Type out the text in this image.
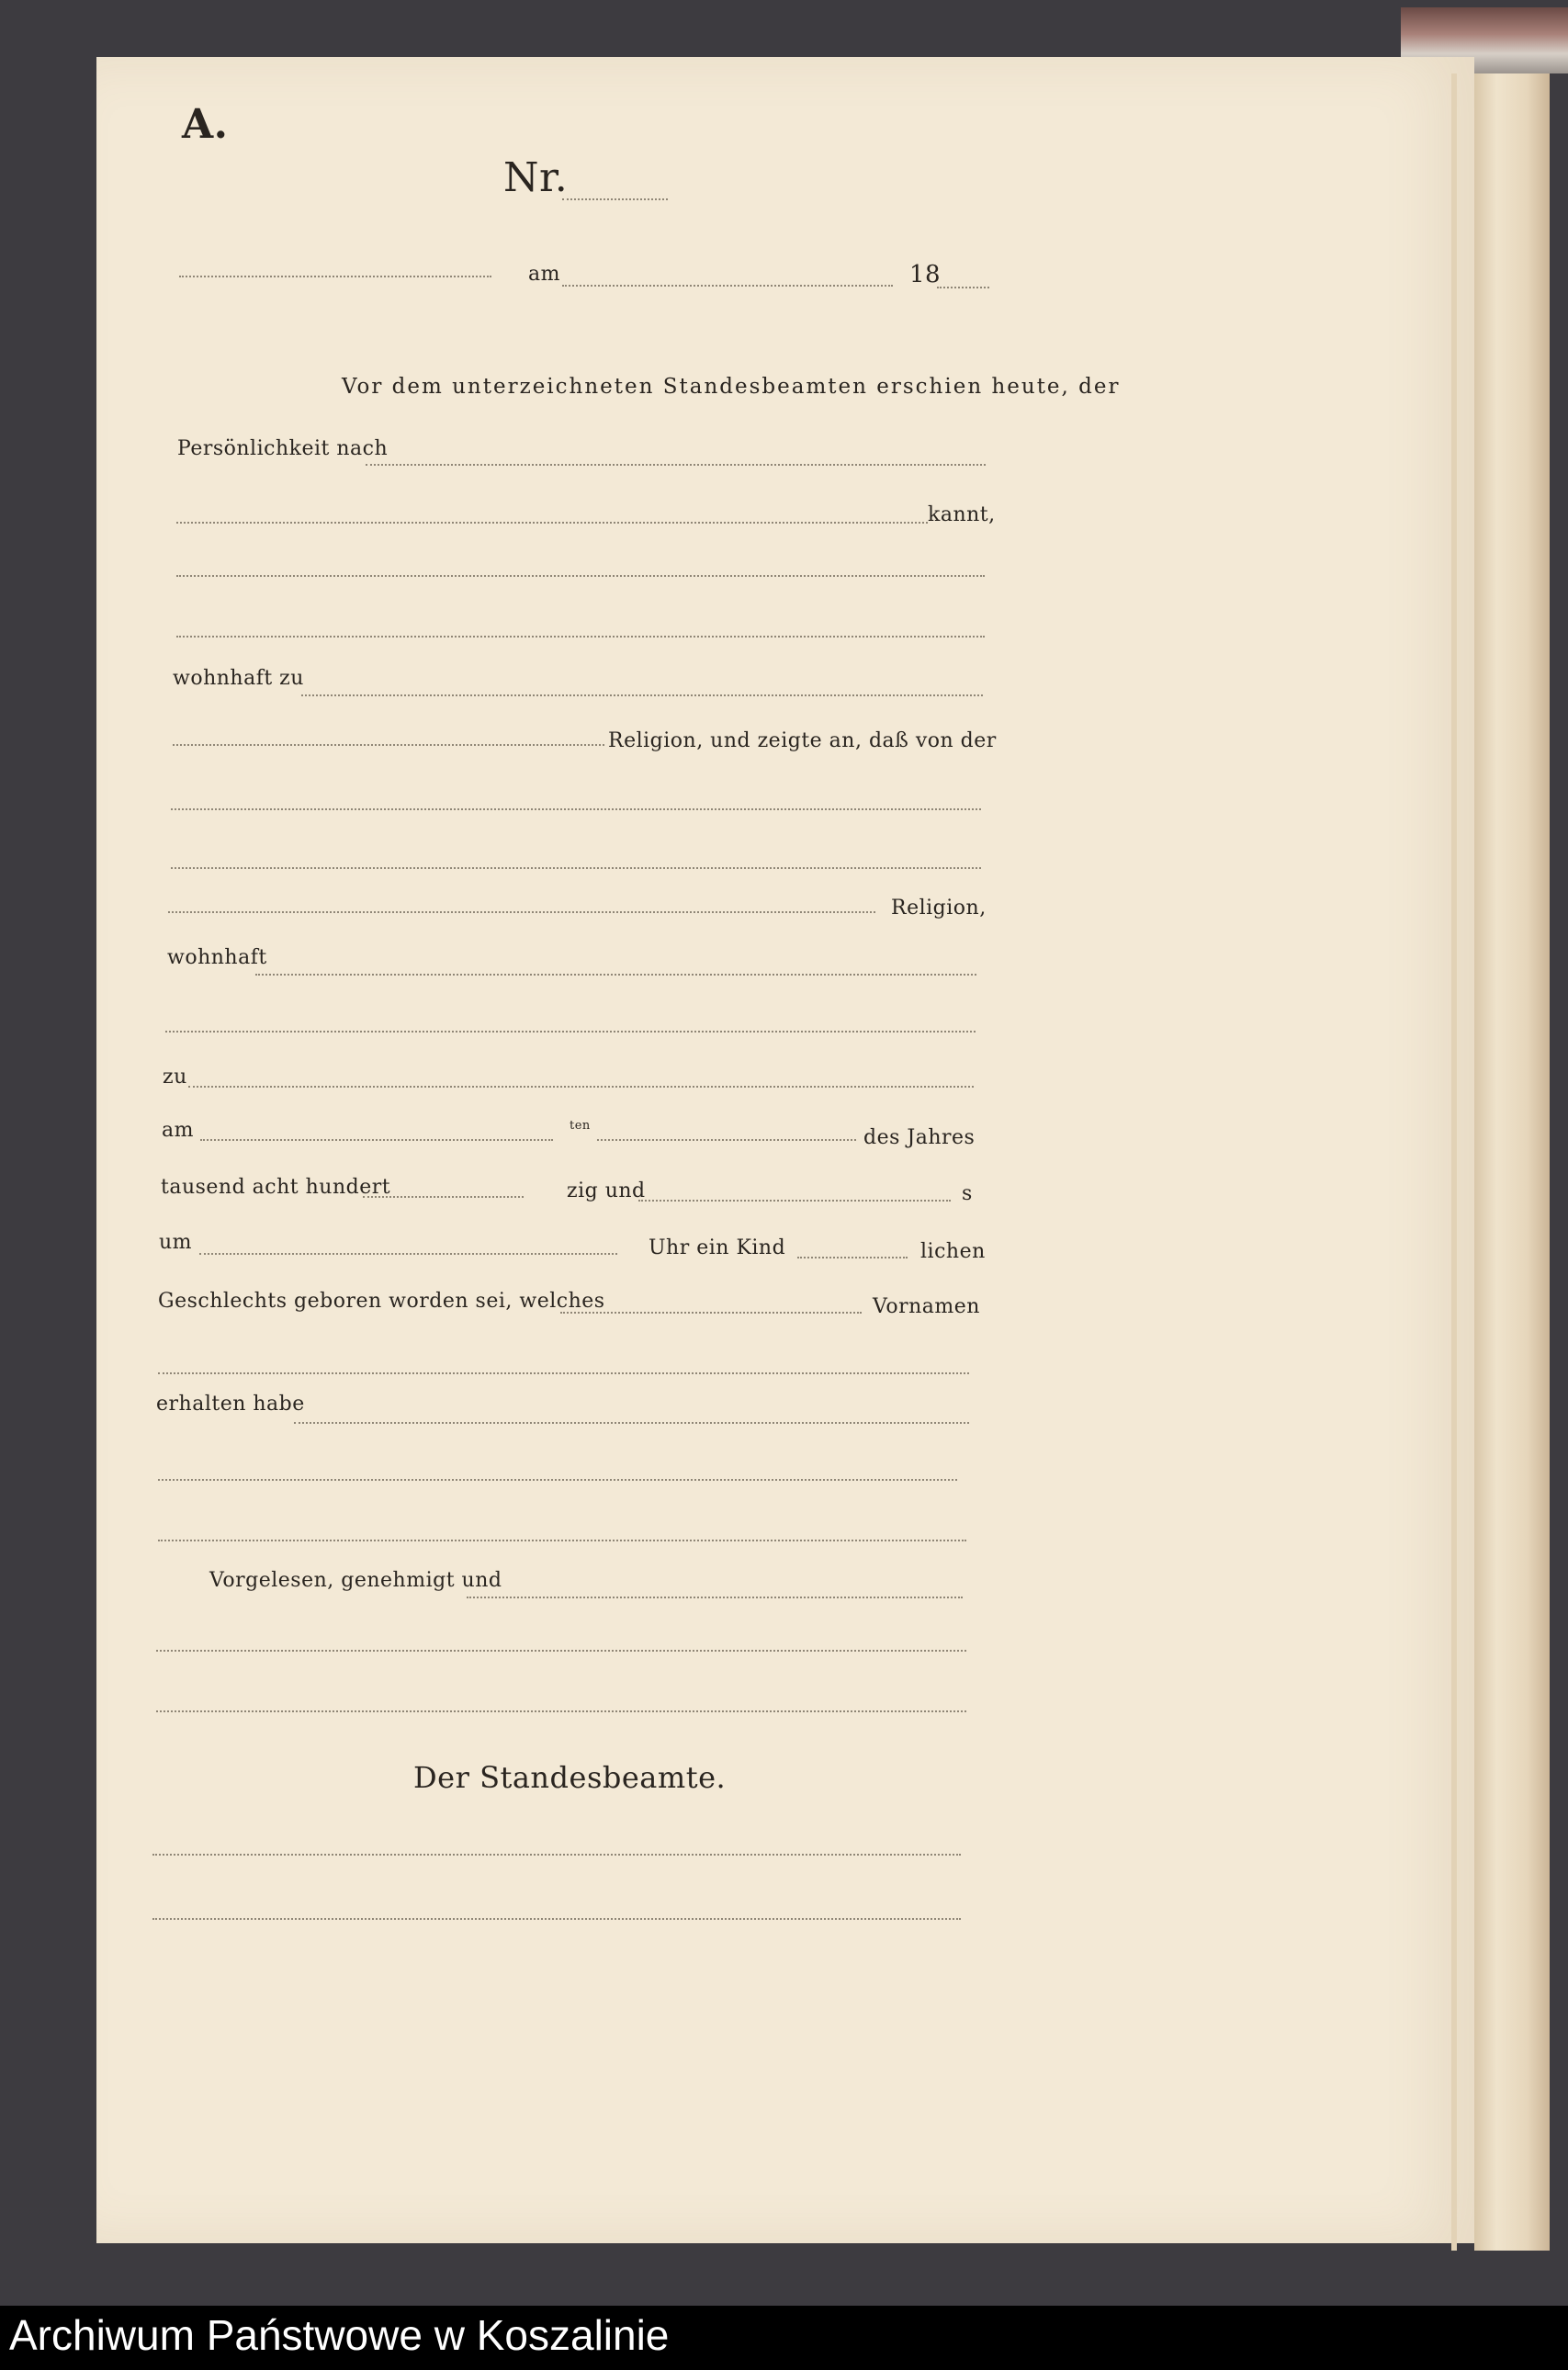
A.
Nr.
am	18
Vor dem unterzeichneten Standesbeamten erschien heute, der
Persönlichkeit nach
kannt,
wohnhaft zu
Religion, und zeigte an, daß von der
Religion,
wohnhaft
zu
am	ten
des Jahres
tausend acht hundert	zig und	s
um	Uhr ein Kind	lichen
Geschlechts geboren worden sei, welches	Vornamen
erhalten habe
Vorgelesen, genehmigt und
Der Standesbeamte.
Archiwum Państwowe w Koszalinie
